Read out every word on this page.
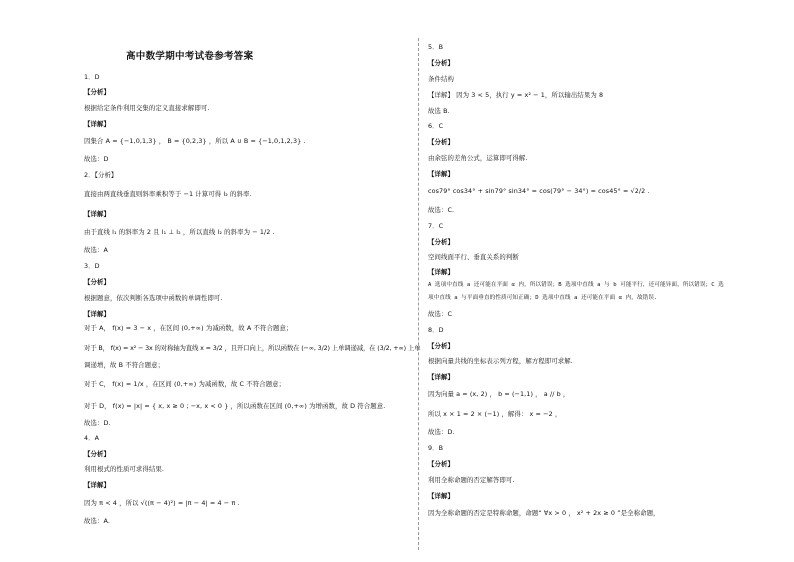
高中数学期中考试卷参考答案
1．D
【分析】
根据给定条件利用交集的定义直接求解即可.
【详解】
因集合 A = {−1,0,1,3} ， B = {0,2,3} ，所以 A ∪ B = {−1,0,1,2,3} .
故选：D
2．【分析】
直接由两直线垂直则斜率乘积等于 −1 计算可得 l₂ 的斜率.
【详解】
由于直线 l₁ 的斜率为 2 且 l₁ ⊥ l₂ ，所以直线 l₂ 的斜率为 − 1/2 .
故选：A
3．D
【分析】
根据题意，依次判断各选项中函数的单调性即可.
【详解】
对于 A， f(x) = 3 − x ，在区间 (0,+∞) 为减函数，故 A 不符合题意；
对于 B， f(x) = x² − 3x 的对称轴为直线 x = 3/2 ，且开口向上，所以函数在 (−∞, 3/2) 上单调递减，在 (3/2, +∞) 上单
调递增，故 B 不符合题意；
对于 C， f(x) = 1/x ，在区间 (0,+∞) 为减函数，故 C 不符合题意；
对于 D， f(x) = |x| = { x, x ≥ 0 ; −x, x < 0 } ，所以函数在区间 (0,+∞) 为增函数，故 D 符合题意.
故选：D.
4．A
【分析】
利用根式的性质可求得结果.
【详解】
因为 π < 4 ，所以 √((π − 4)²) = |π − 4| = 4 − π .
故选：A.
5．B
【分析】
条件结构
【详解】 因为 3 < 5，执行 y = x² − 1，所以输出结果为 8
故选 B.
6．C
【分析】
由余弦的差角公式，运算即可得解.
【详解】
cos79° cos34° + sin79° sin34° = cos(79° − 34°) = cos45° = √2/2 .
故选：C.
7．C
【分析】
空间线面平行、垂直关系的判断
【详解】
A 选项中直线 a 还可能在平面 α 内，所以错误；B 选项中直线 a 与 b 可能平行，还可能异面，所以错误；C 选
项中直线 a 与平面垂直的性质可知正确；D 选项中直线 a 还可能在平面 α 内，故错误.
故选：C
8．D
【分析】
根据向量共线的坐标表示列方程，解方程即可求解.
【详解】
因为向量 a = (x, 2) ， b = (−1,1) ， a // b ，
所以 x × 1 = 2 × (−1) ，解得： x = −2 ，
故选：D.
9．B
【分析】
利用全称命题的否定解答即可.
【详解】
因为全称命题的否定是特称命题，命题“ ∀x > 0 ， x² + 2x ≥ 0 ”是全称命题，
